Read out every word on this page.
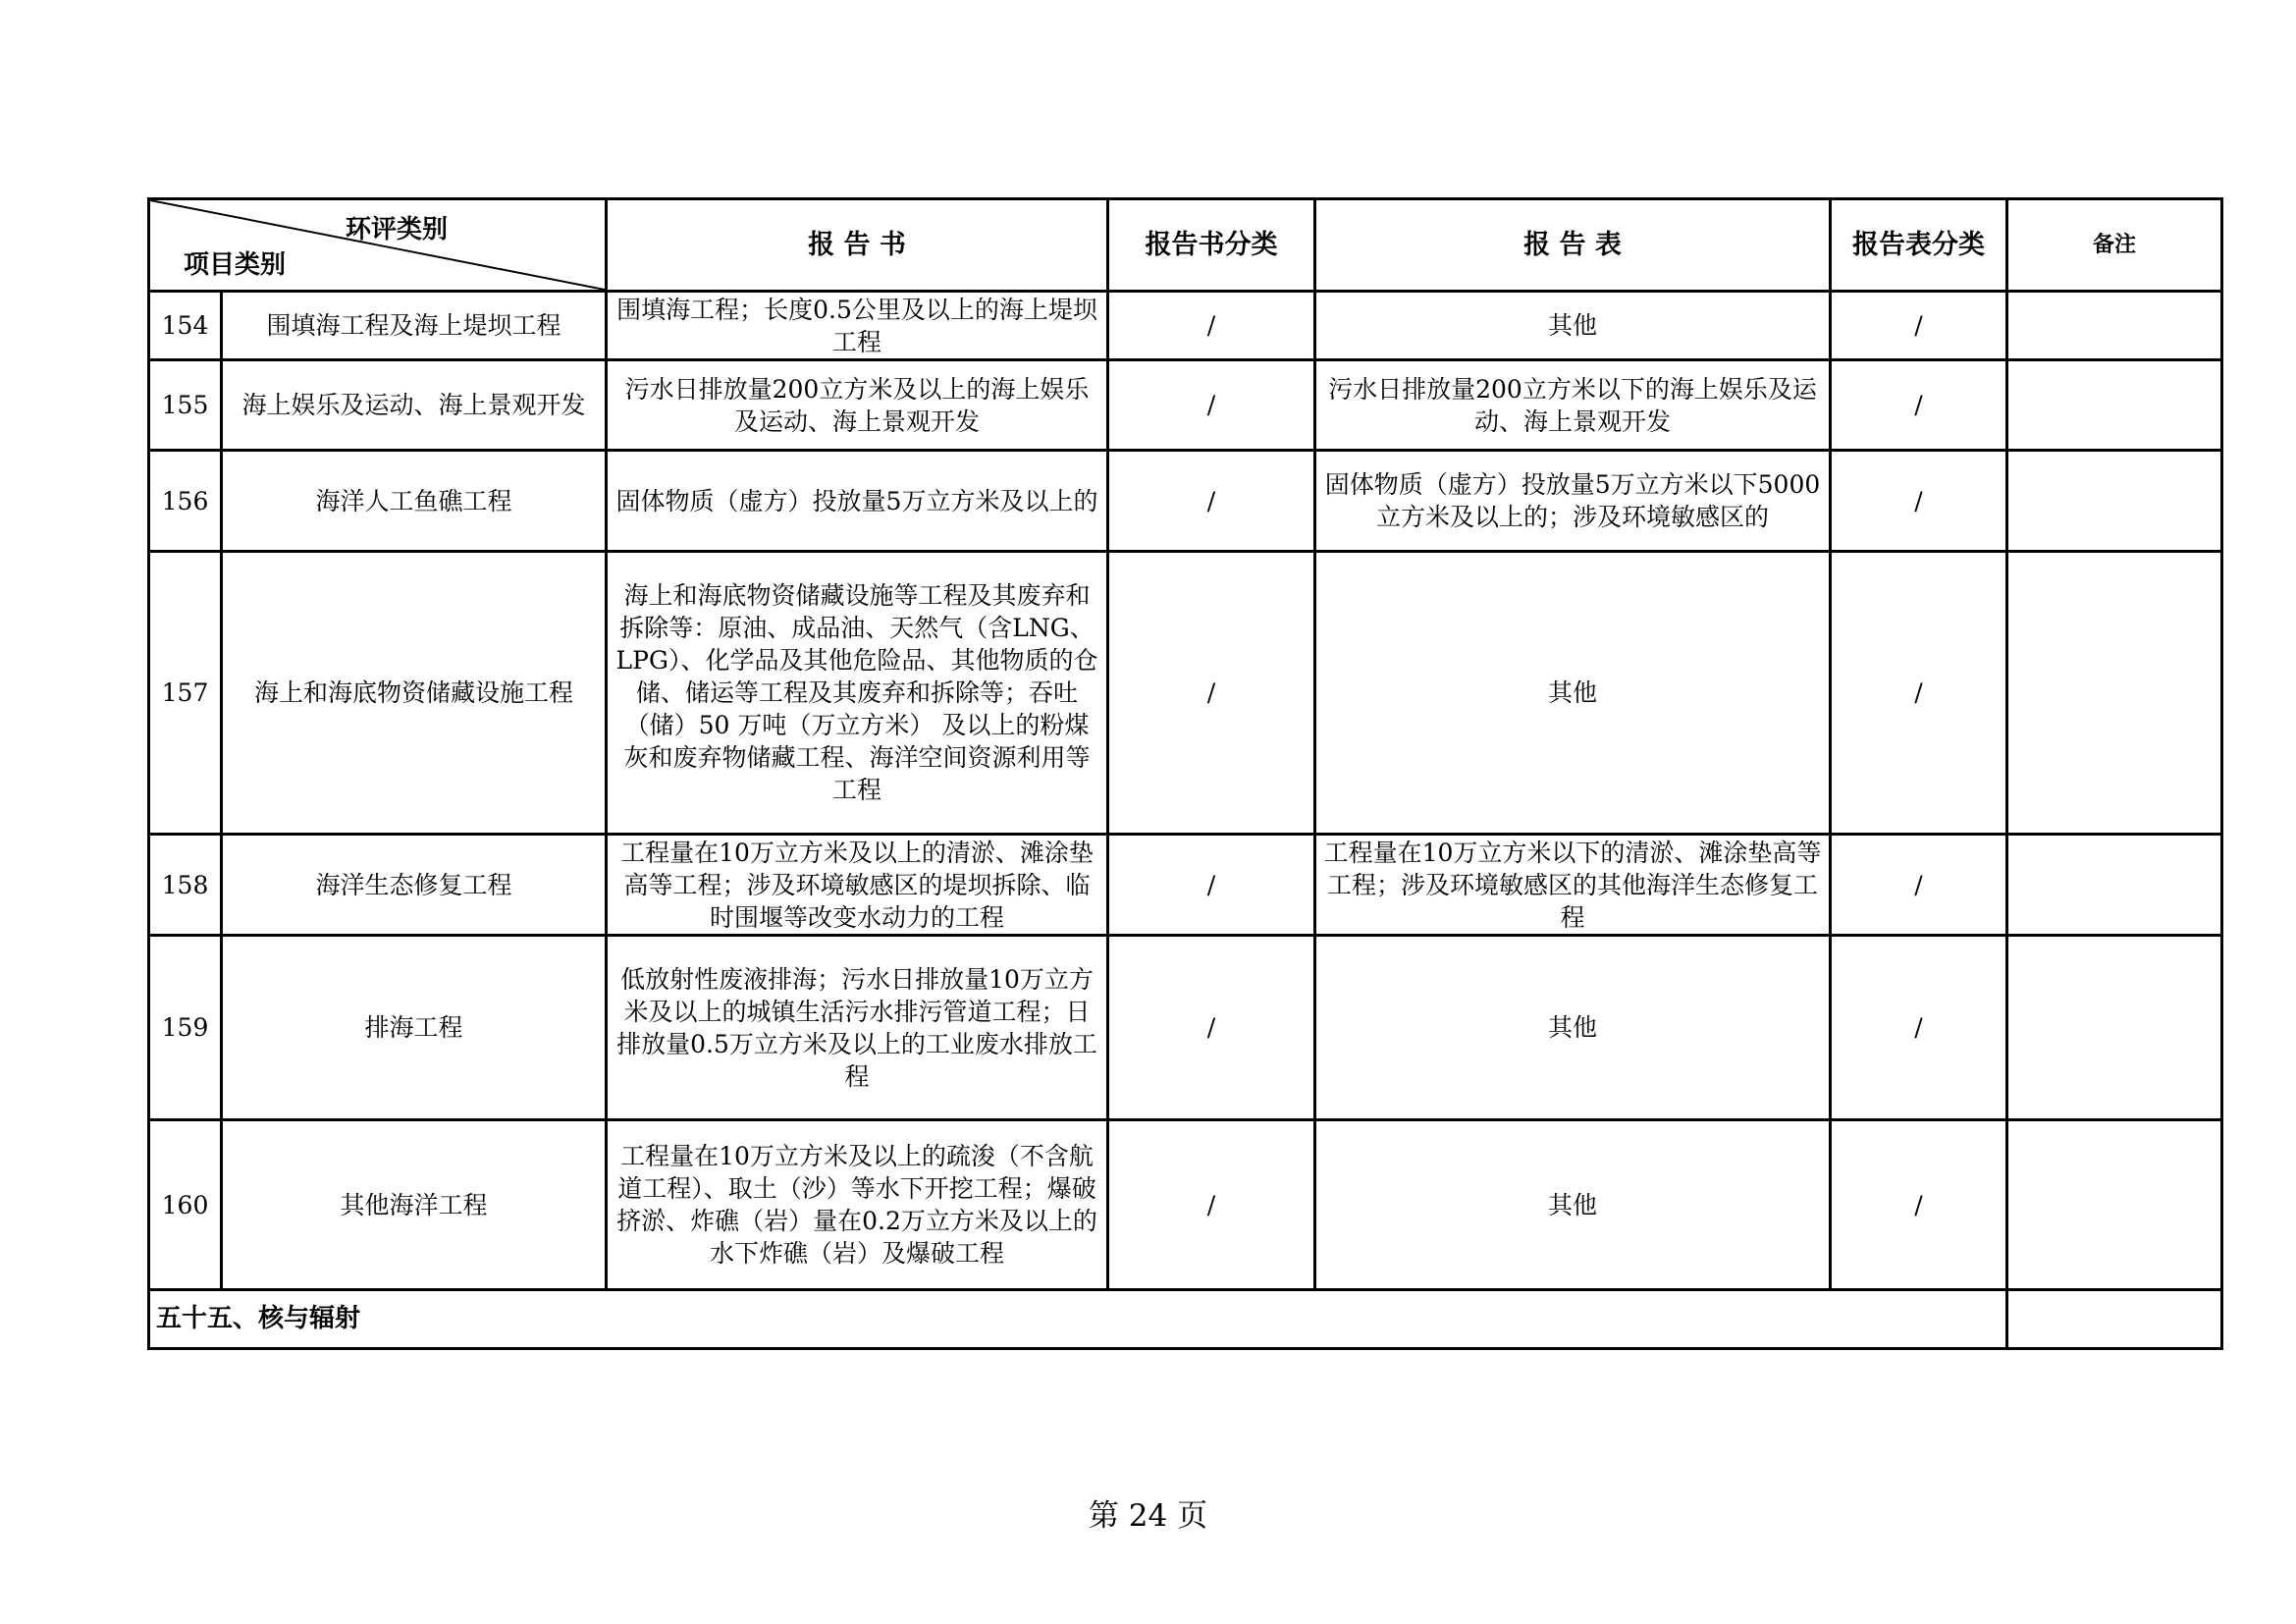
环评类别
项目类别		报 告 书	报告书分类	报 告 表	报告表分类	备注
154	围填海工程及海上堤坝工程	围填海工程；长度0.5公里及以上的海上堤坝工程	/	其他	/	
155	海上娱乐及运动、海上景观开发	污水日排放量200立方米及以上的海上娱乐及运动、海上景观开发	/	污水日排放量200立方米以下的海上娱乐及运动、海上景观开发	/	
156	海洋人工鱼礁工程	固体物质（虚方）投放量5万立方米及以上的	/	固体物质（虚方）投放量5万立方米以下5000 立方米及以上的；涉及环境敏感区的	/	
157	海上和海底物资储藏设施工程	海上和海底物资储藏设施等工程及其废弃和拆除等：原油、成品油、天然气（含LNG、LPG）、化学品及其他危险品、其他物质的仓储、储运等工程及其废弃和拆除等；吞吐（储）50 万吨（万立方米） 及以上的粉煤灰和废弃物储藏工程、海洋空间资源利用等工程	/	其他	/	
158	海洋生态修复工程	工程量在10万立方米及以上的清淤、滩涂垫高等工程；涉及环境敏感区的堤坝拆除、临时围堰等改变水动力的工程	/	工程量在10万立方米以下的清淤、滩涂垫高等工程；涉及环境敏感区的其他海洋生态修复工程	/	
159	排海工程	低放射性废液排海；污水日排放量10万立方米及以上的城镇生活污水排污管道工程；日排放量0.5万立方米及以上的工业废水排放工程	/	其他	/	
160	其他海洋工程	工程量在10万立方米及以上的疏浚（不含航道工程）、取土（沙）等水下开挖工程；爆破挤淤、炸礁（岩）量在0.2万立方米及以上的水下炸礁（岩）及爆破工程	/	其他	/	
五十五、核与辐射						
第 24 页
